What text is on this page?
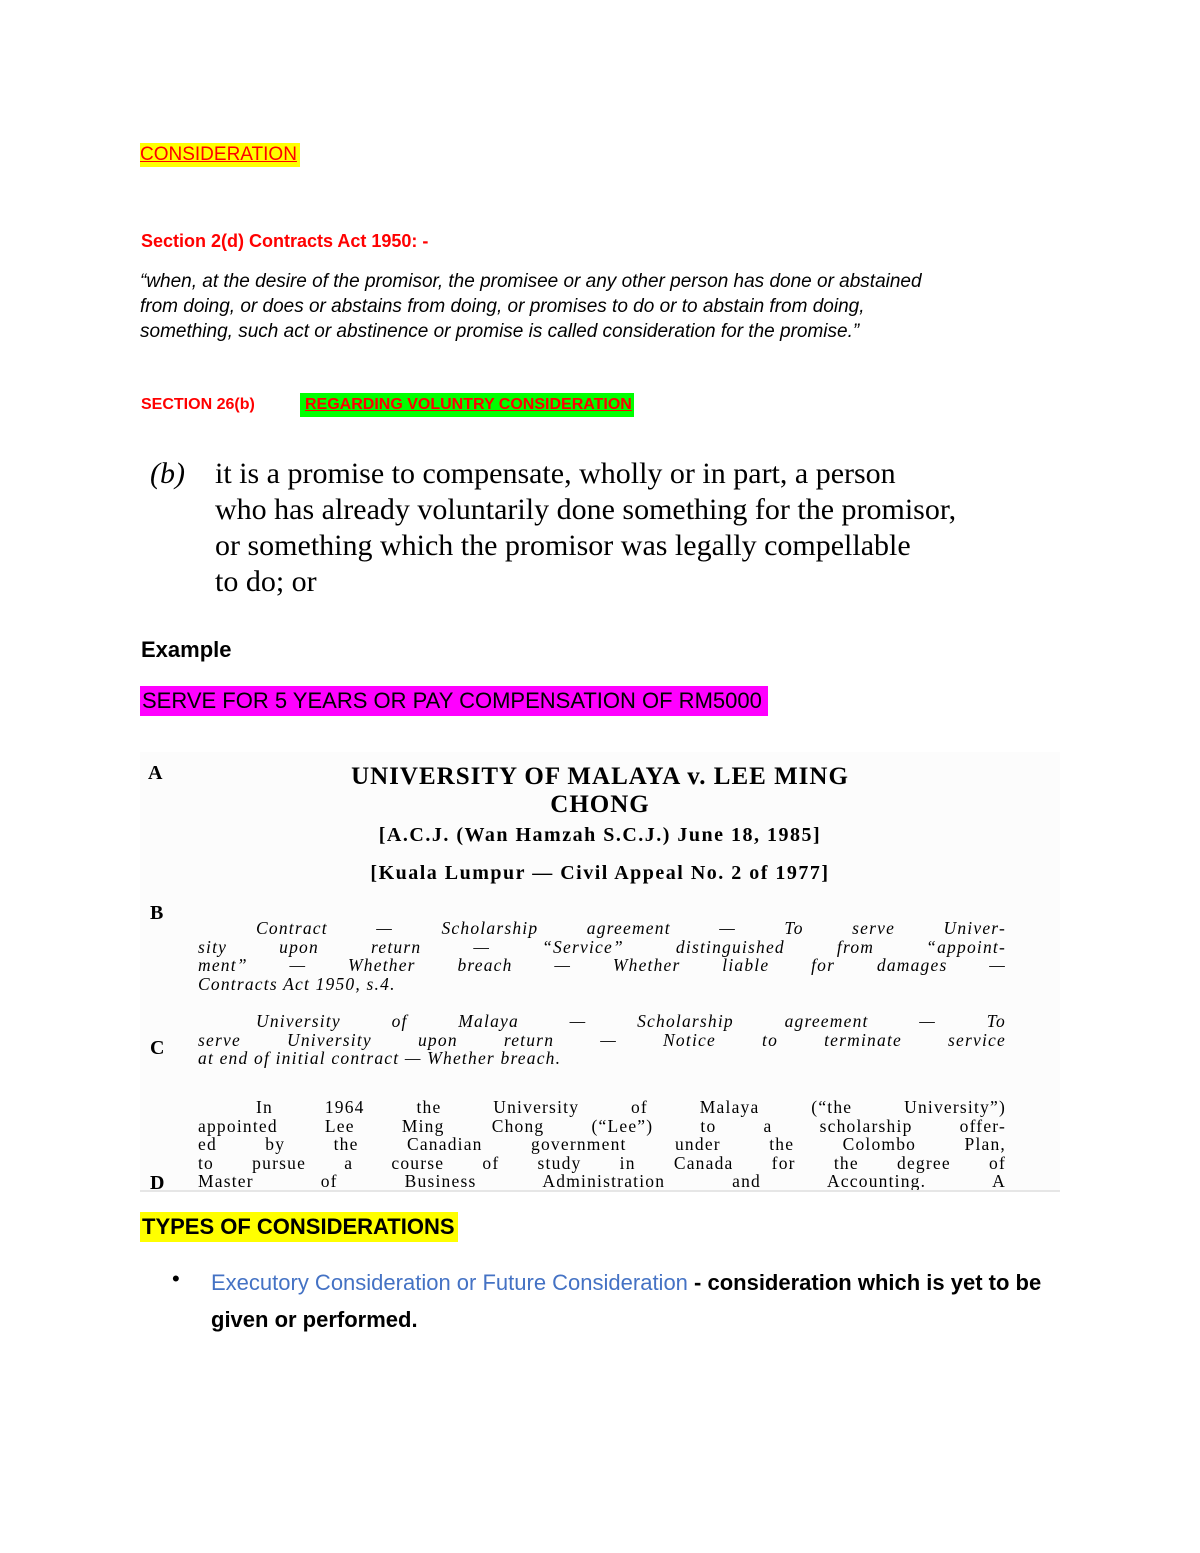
CONSIDERATION
Section 2(d) Contracts Act 1950: -
“when, at the desire of the promisor, the promisee or any other person has done or abstained
from doing, or does or abstains from doing, or promises to do or to abstain from doing,
something, such act or abstinence or promise is called consideration for the promise.”
SECTION 26(b)	REGARDING VOLUNTRY CONSIDERATION
(b) it is a promise to compensate, wholly or in part, a person
who has already voluntarily done something for the promisor,
or something which the promisor was legally compellable
to do; or
Example
SERVE FOR 5 YEARS OR PAY COMPENSATION OF RM5000
A
B
C
D
UNIVERSITY OF MALAYA v. LEE MING
CHONG
[A.C.J. (Wan Hamzah S.C.J.) June 18, 1985]
[Kuala Lumpur — Civil Appeal No. 2 of 1977]
Contract — Scholarship agreement — To serve Univer-
sity upon return — “Service” distinguished from “appoint-
ment” — Whether breach — Whether liable for damages —
Contracts Act 1950, s.4.
University of Malaya — Scholarship agreement — To
serve University upon return — Notice to terminate service
at end of initial contract — Whether breach.
In 1964 the University of Malaya (“the University”)
appointed Lee Ming Chong (“Lee”) to a scholarship offer-
ed by the Canadian government under the Colombo Plan,
to pursue a course of study in Canada for the degree of
Master of Business Administration and Accounting. A
TYPES OF CONSIDERATIONS
• Executory Consideration or Future Consideration - consideration which is yet to be given or performed.
